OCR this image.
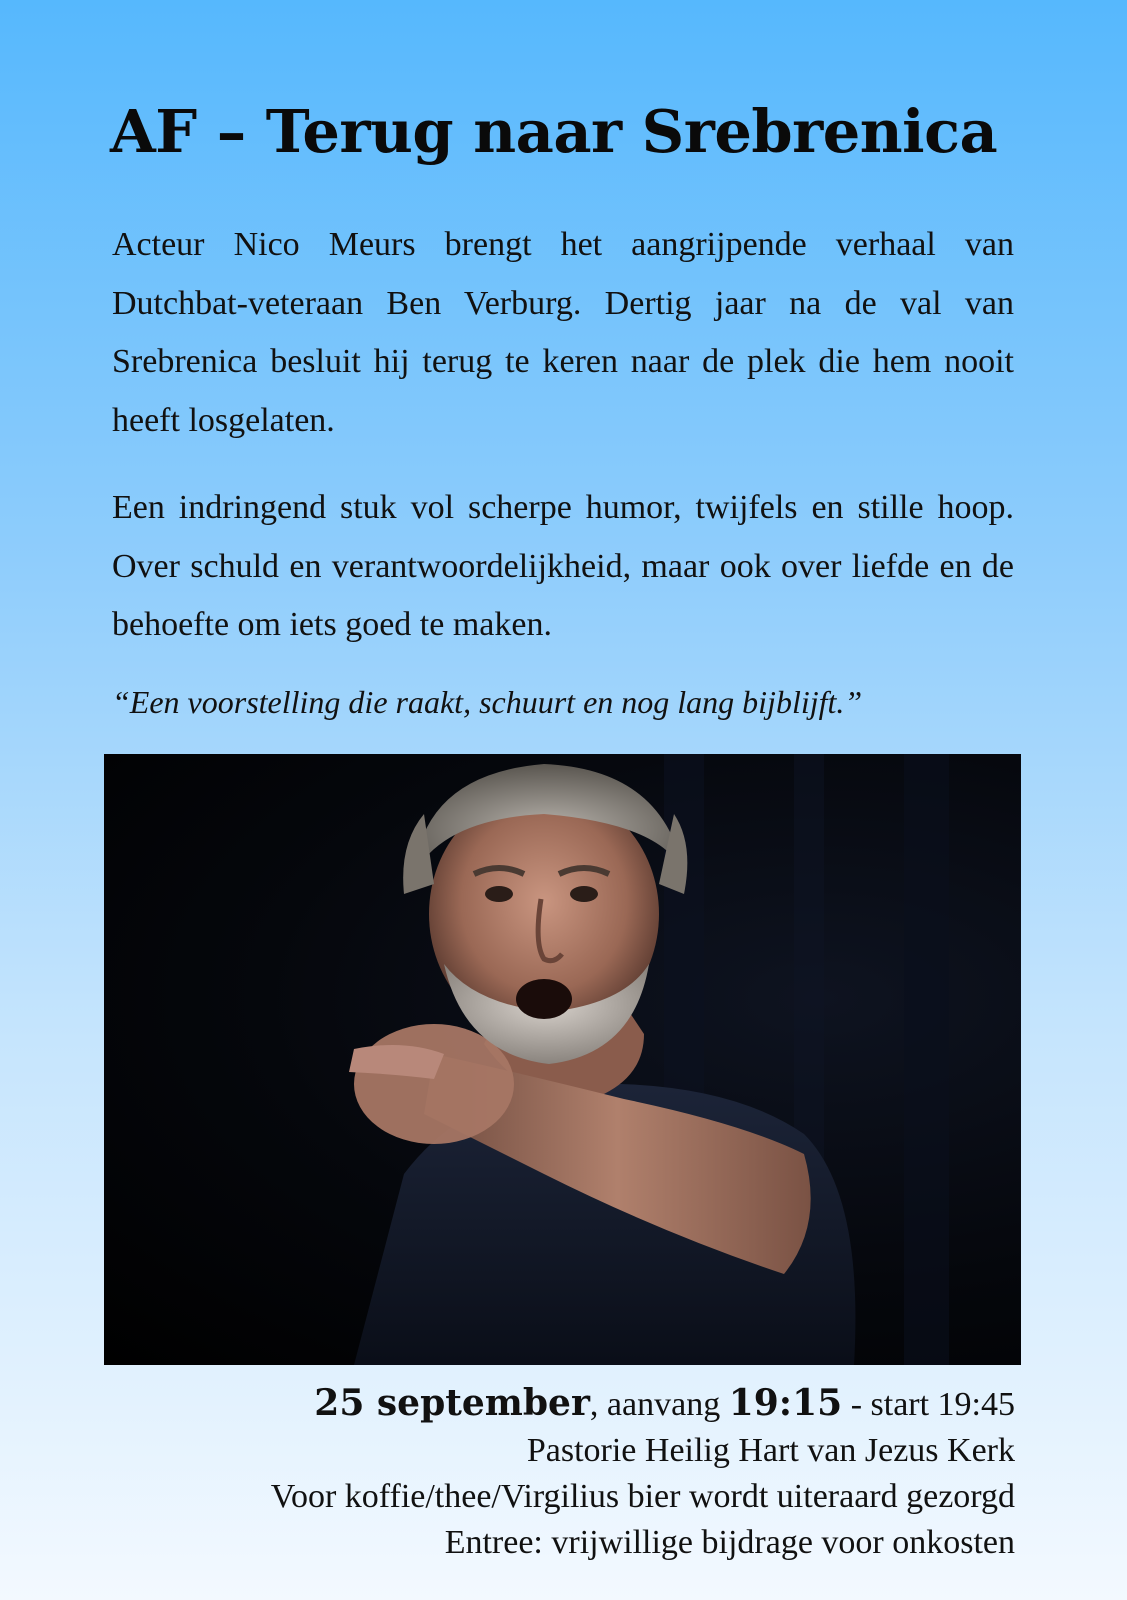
AF – Terug naar Srebrenica

Acteur Nico Meurs brengt het aangrijpende verhaal van Dutchbat-veteraan Ben Verburg. Dertig jaar na de val van Srebrenica besluit hij terug te keren naar de plek die hem nooit heeft losgelaten.

Een indringend stuk vol scherpe humor, twijfels en stille hoop. Over schuld en verantwoordelijkheid, maar ook over liefde en de behoefte om iets goed te maken.

“Een voorstelling die raakt, schuurt en nog lang bijblijft.”

25 september, aanvang 19:15 - start 19:45
Pastorie Heilig Hart van Jezus Kerk
Voor koffie/thee/Virgilius bier wordt uiteraard gezorgd
Entree: vrijwillige bijdrage voor onkosten
